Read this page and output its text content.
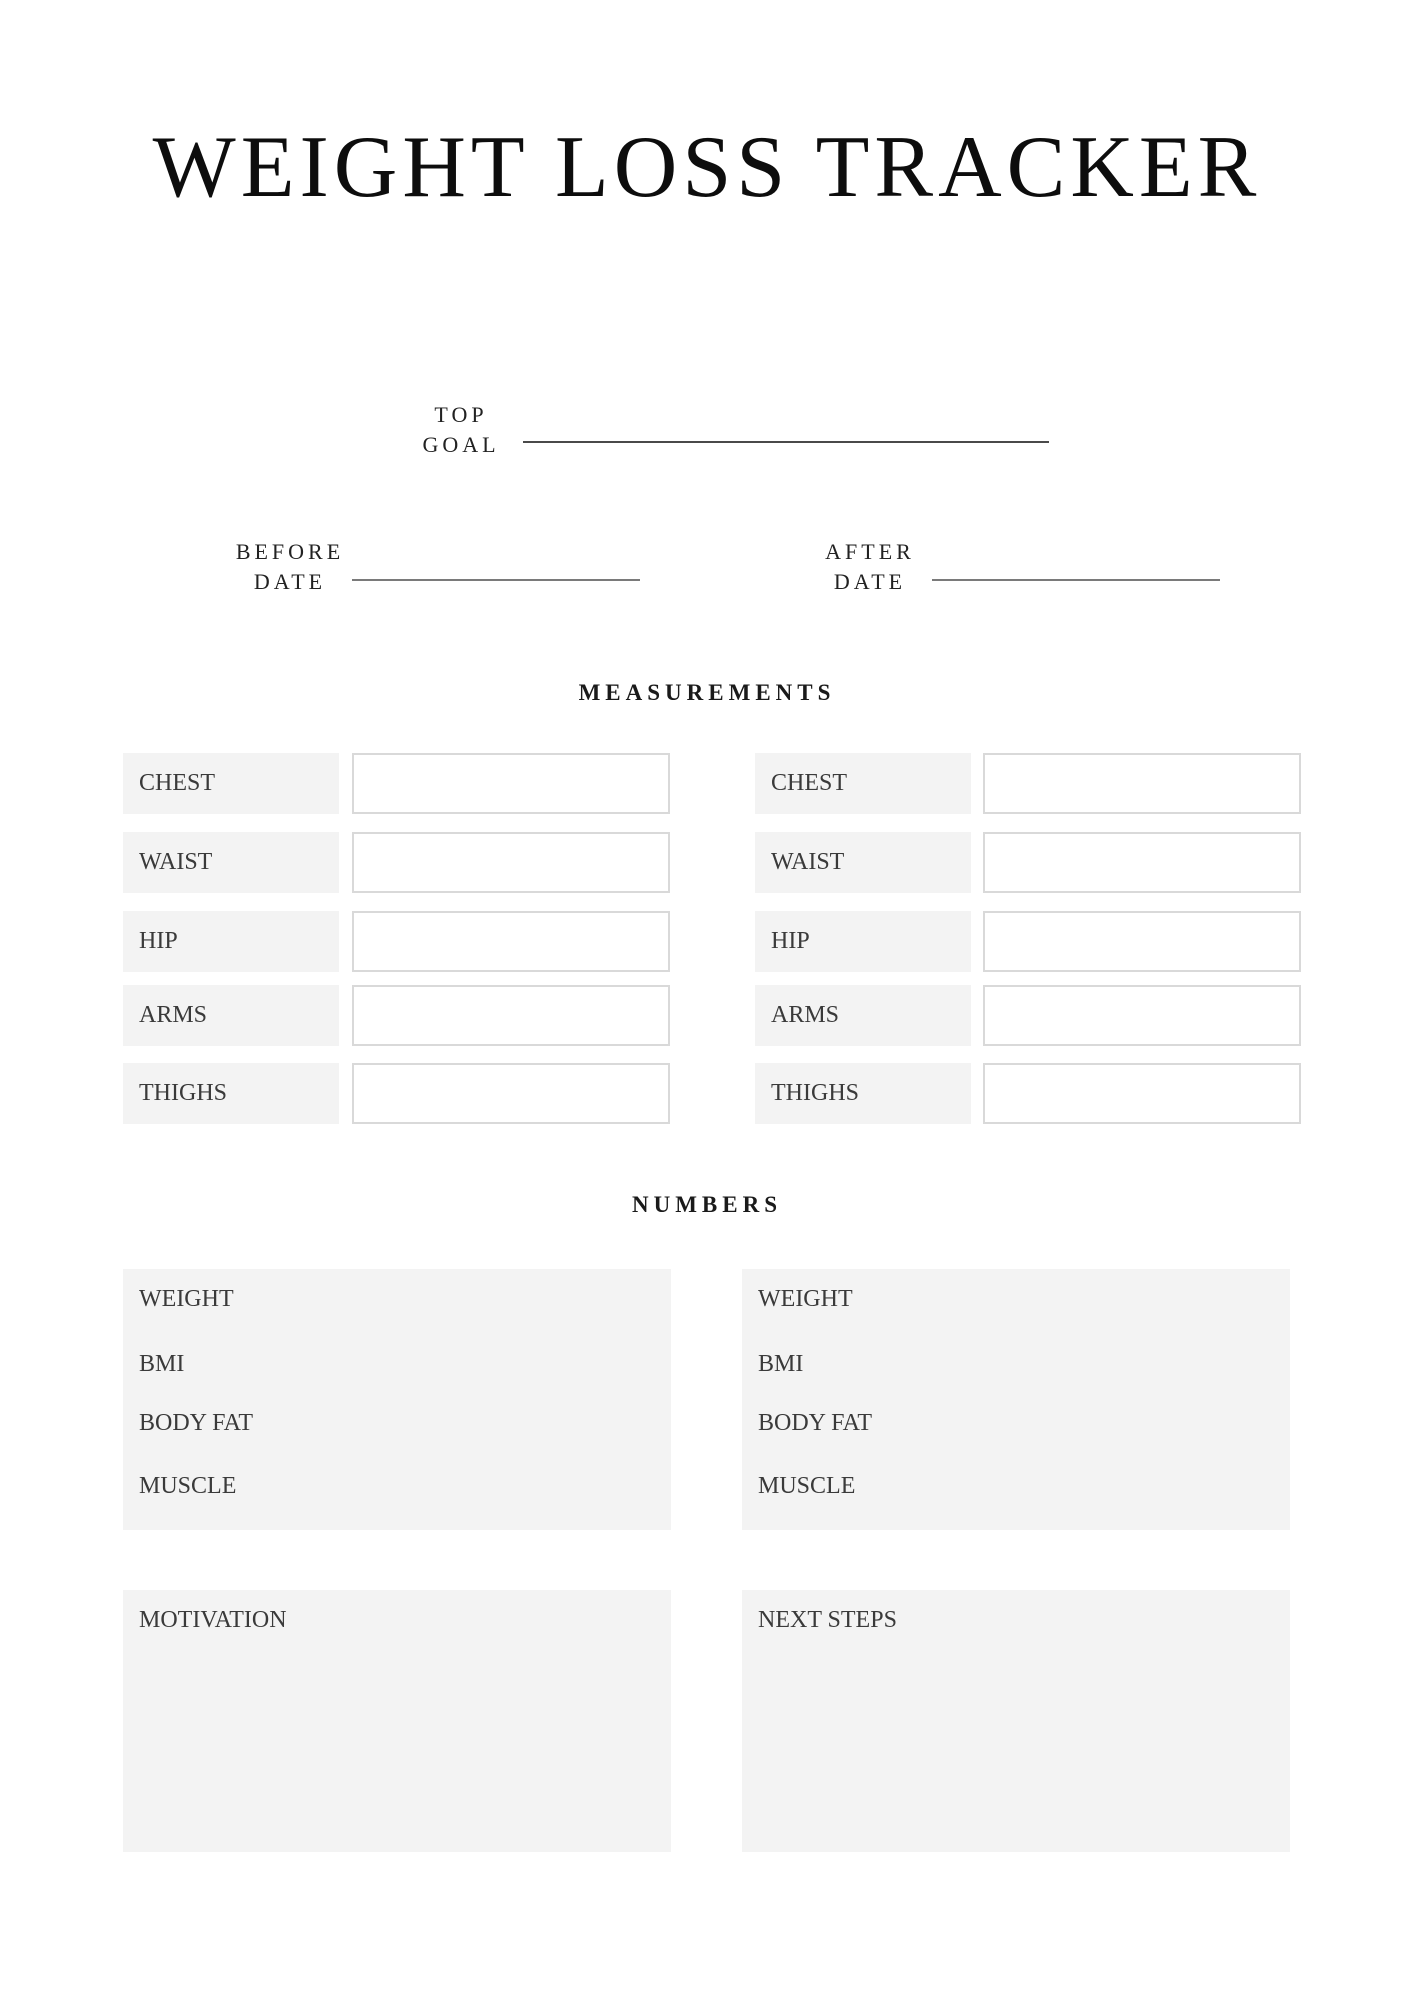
WEIGHT LOSS TRACKER
TOP
GOAL
BEFORE
DATE
AFTER
DATE
MEASUREMENTS
CHEST
WAIST
HIP
ARMS
THIGHS
CHEST
WAIST
HIP
ARMS
THIGHS
NUMBERS
WEIGHT
BMI
BODY FAT
MUSCLE
WEIGHT
BMI
BODY FAT
MUSCLE
MOTIVATION	NEXT STEPS
